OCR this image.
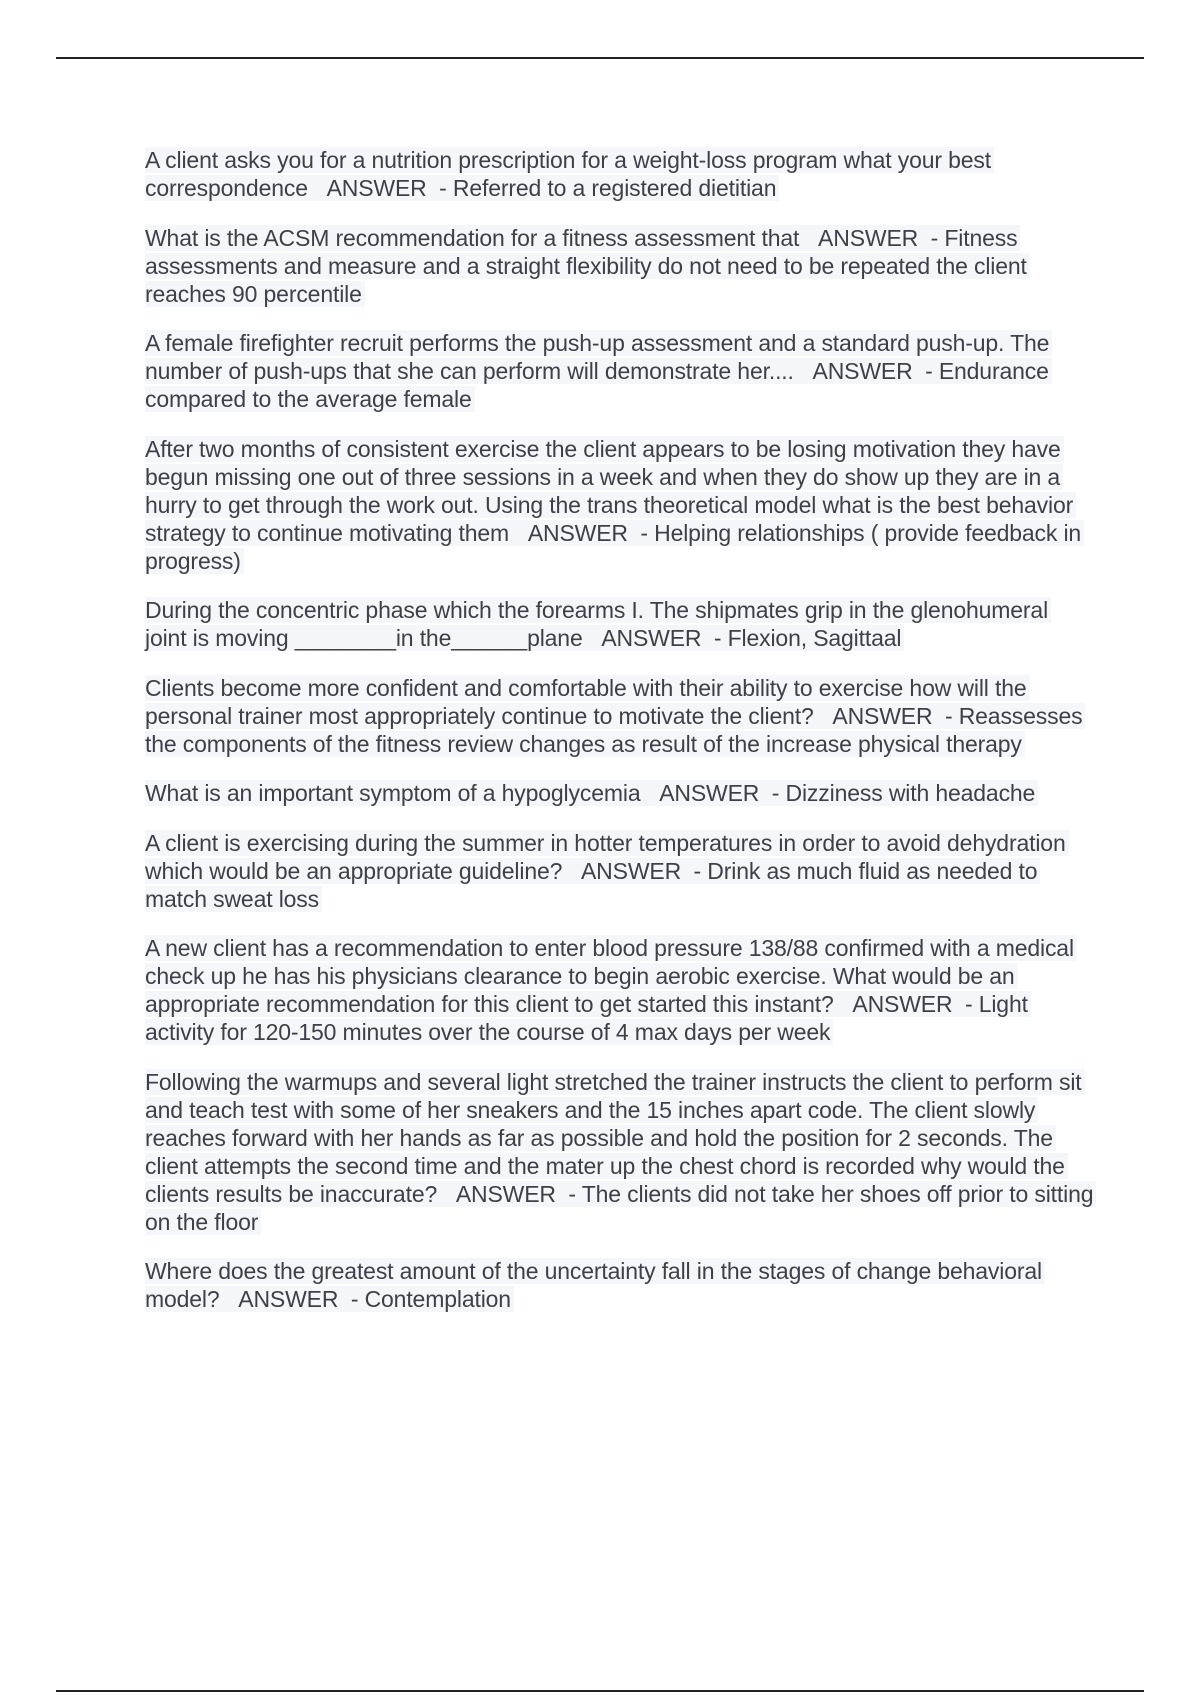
A client asks you for a nutrition prescription for a weight-loss program what your best correspondence ANSWER - Referred to a registered dietitian

What is the ACSM recommendation for a fitness assessment that ANSWER - Fitness assessments and measure and a straight flexibility do not need to be repeated the client reaches 90 percentile

A female firefighter recruit performs the push-up assessment and a standard push-up. The number of push-ups that she can perform will demonstrate her.... ANSWER - Endurance compared to the average female

After two months of consistent exercise the client appears to be losing motivation they have begun missing one out of three sessions in a week and when they do show up they are in a hurry to get through the work out. Using the trans theoretical model what is the best behavior strategy to continue motivating them ANSWER - Helping relationships ( provide feedback in progress)

During the concentric phase which the forearms I. The shipmates grip in the glenohumeral joint is moving ________in the______plane ANSWER - Flexion, Sagittaal

Clients become more confident and comfortable with their ability to exercise how will the personal trainer most appropriately continue to motivate the client? ANSWER - Reassesses the components of the fitness review changes as result of the increase physical therapy

What is an important symptom of a hypoglycemia ANSWER - Dizziness with headache

A client is exercising during the summer in hotter temperatures in order to avoid dehydration which would be an appropriate guideline? ANSWER - Drink as much fluid as needed to match sweat loss

A new client has a recommendation to enter blood pressure 138/88 confirmed with a medical check up he has his physicians clearance to begin aerobic exercise. What would be an appropriate recommendation for this client to get started this instant? ANSWER - Light activity for 120-150 minutes over the course of 4 max days per week

Following the warmups and several light stretched the trainer instructs the client to perform sit and teach test with some of her sneakers and the 15 inches apart code. The client slowly reaches forward with her hands as far as possible and hold the position for 2 seconds. The client attempts the second time and the mater up the chest chord is recorded why would the clients results be inaccurate? ANSWER - The clients did not take her shoes off prior to sitting on the floor

Where does the greatest amount of the uncertainty fall in the stages of change behavioral model? ANSWER - Contemplation
